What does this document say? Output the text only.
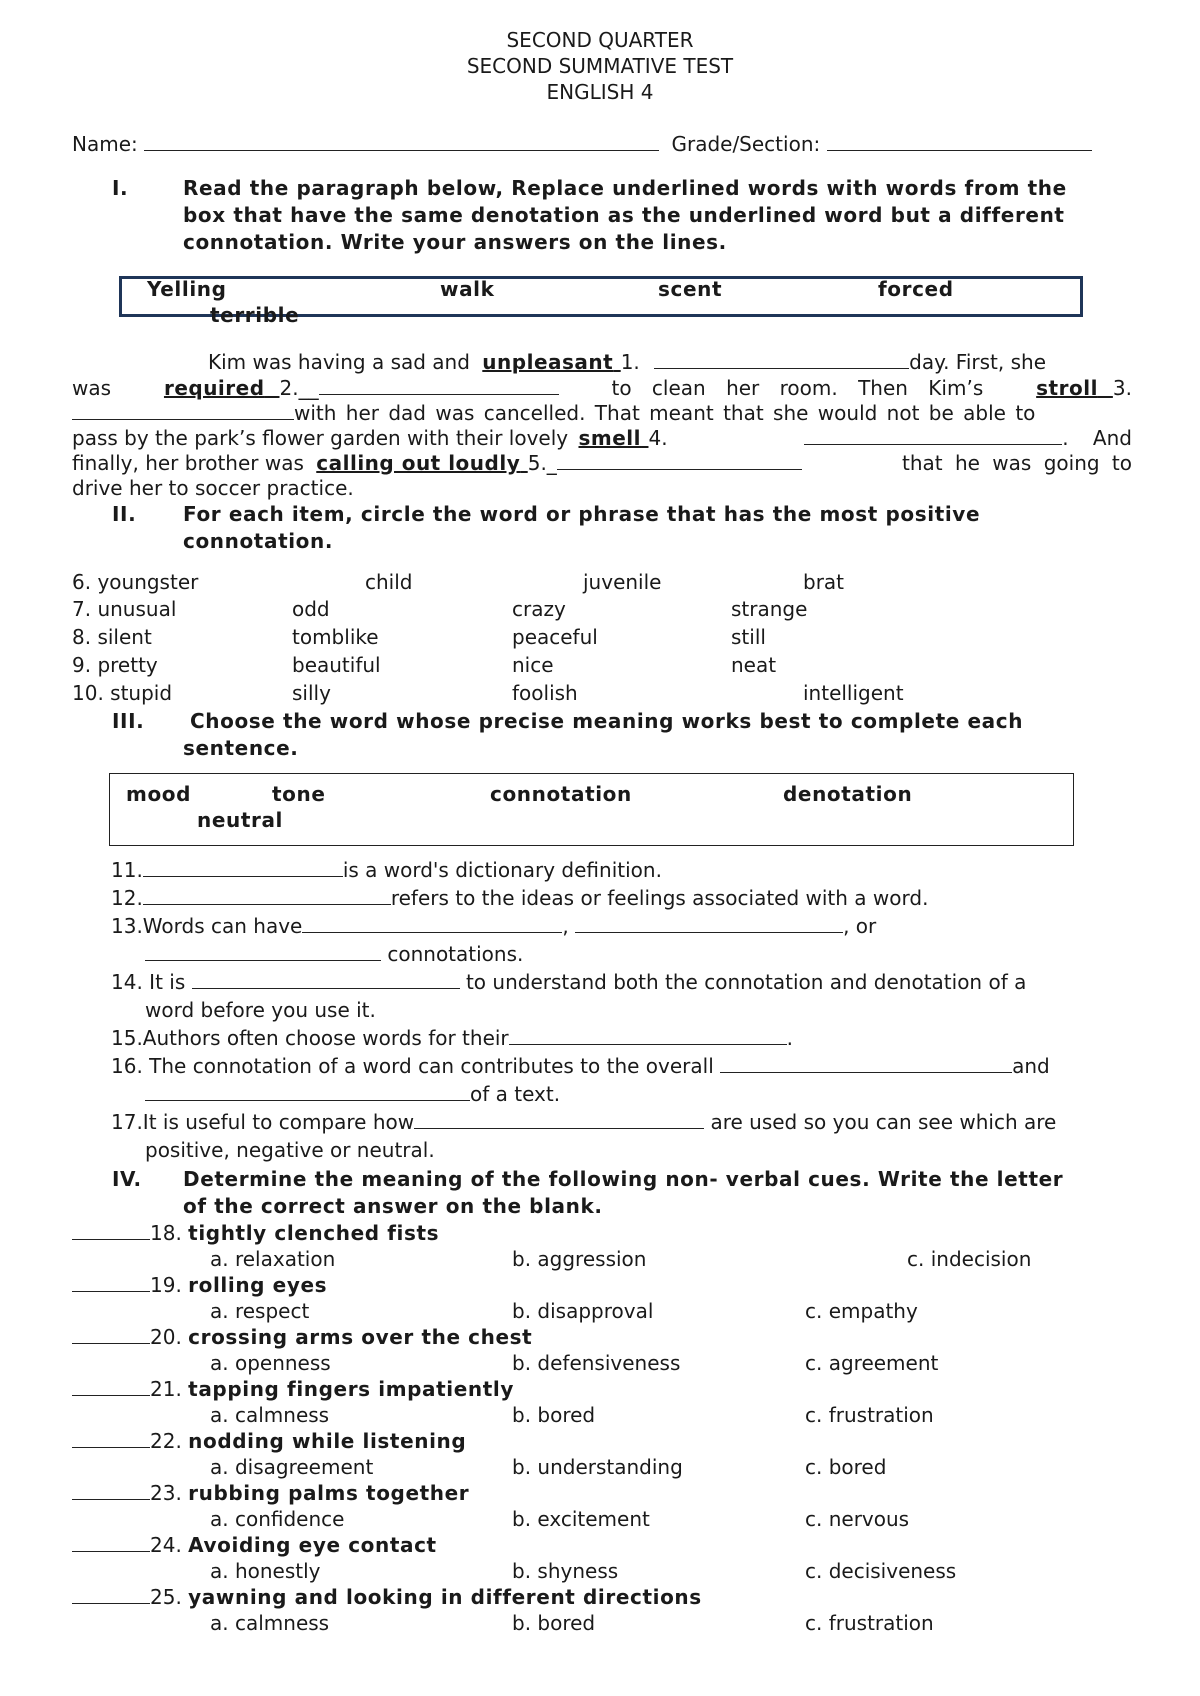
SECOND QUARTER
SECOND SUMMATIVE TEST
ENGLISH 4
Name:	Grade/Section:
I.	Read the paragraph below, Replace underlined words with words from the
box that have the same denotation as the underlined word but a different
connotation. Write your answers on the lines.
Yelling	walk	scent	forced
terrible
Kim was having a sad and unpleasant 1.	day. First, she
was	required 2.__	to clean her room. Then Kim’s	stroll 3.
with her dad was cancelled. That meant that she would not be able to
pass by the park’s flower garden with their lovely smell 4.	. And
finally, her brother was calling out loudly 5._	that he was going to
drive her to soccer practice.
II. For each item, circle the word or phrase that has the most positive
connotation.
6. youngster	child	juvenile	brat
7. unusual	odd	crazy	strange
8. silent	tomblike	peaceful	still
9. pretty	beautiful	nice	neat
10. stupid	silly	foolish	intelligent
III. Choose the word whose precise meaning works best to complete each
sentence.
mood	tone	connotation	denotation
neutral
11.	is a word's dictionary definition.
12.	refers to the ideas or feelings associated with a word.
13.Words can have	,	, or
connotations.
14. It is	to understand both the connotation and denotation of a
word before you use it.
15.Authors often choose words for their	.
16. The connotation of a word can contributes to the overall	and
of a text.
17.It is useful to compare how	are used so you can see which are
positive, negative or neutral.
IV. Determine the meaning of the following non- verbal cues. Write the letter
of the correct answer on the blank.
18. tightly clenched fists
a. relaxation	b. aggression	c. indecision
19. rolling eyes
a. respect	b. disapproval	c. empathy
20. crossing arms over the chest
a. openness	b. defensiveness	c. agreement
21. tapping fingers impatiently
a. calmness	b. bored	c. frustration
22. nodding while listening
a. disagreement	b. understanding	c. bored
23. rubbing palms together
a. confidence	b. excitement	c. nervous
24. Avoiding eye contact
a. honestly	b. shyness	c. decisiveness
25. yawning and looking in different directions
a. calmness	b. bored	c. frustration
